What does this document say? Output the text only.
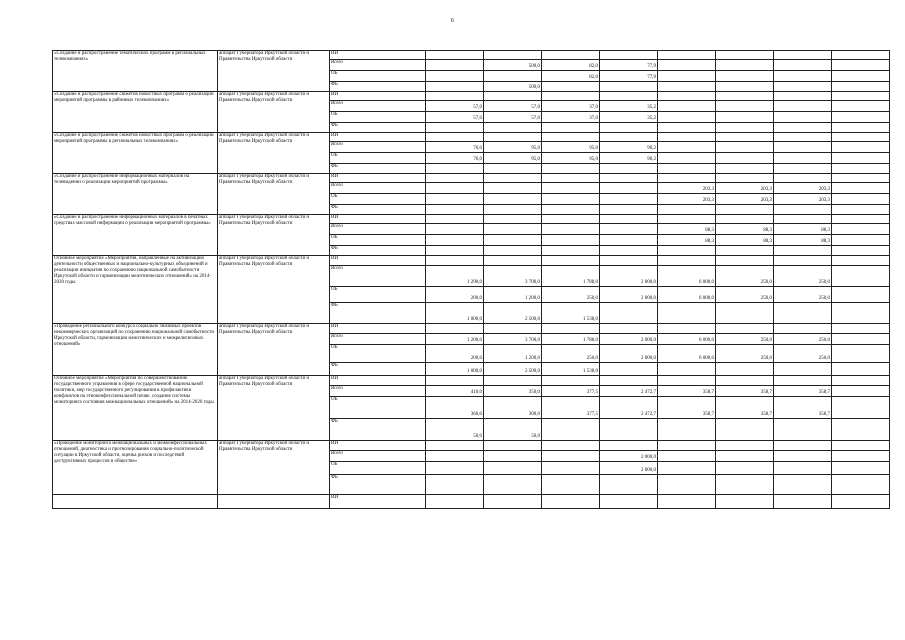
6
«Создание и распространение тематических программ в региональных телекомпаниях»	аппарат Губернатора Иркутской области и Правительства Иркутской области	ИИ								
		Всего		500,0	82,0	77,9				
		ОБ			82,0	77,9				
		ФБ		500,0						
«Создание и распространение сюжетов новостных программ о реализации мероприятий программы в районных телекомпаниях»	аппарат Губернатора Иркутской области и Правительства Иркутской области	ИИ								
		Всего	57,0	57,0	37,0	35,2				
		ОБ	57,0	57,0	37,0	35,2				
		ФБ								
«Создание и распространение сюжетов новостных программ о реализации мероприятий программы в региональных телекомпаниях»	аппарат Губернатора Иркутской области и Правительства Иркутской области	ИИ								
		Всего	76,0	95,0	95,0	90,2				
		ОБ	76,0	95,0	95,0	90,2				
		ФБ								
«Создание и распространение информационных материалов на телевидении о реализации мероприятий программы»	аппарат Губернатора Иркутской области и Правительства Иркутской области	ИИ								
		Всего					203,3	203,3	203,3	
		ОБ					203,3	203,3	203,3	
		ФБ								
«Создание и распространение информационных материалов в печатных средствах массовой информации о реализации мероприятий программы»	аппарат Губернатора Иркутской области и Правительства Иркутской области	ИИ								
		Всего					88,3	88,3	88,3	
		ОБ					88,3	88,3	88,3	
		ФБ								
Основное мероприятие «Мероприятия, направленные на активизацию деятельности общественных и национально-культурных объединений и реализации инициатив по сохранению национальной самобытности Иркутской области и гармонизации межэтнических отношений» на 2014-2020 годы	аппарат Губернатора Иркутской области и Правительства Иркутской области	ИИ								
		Всего	1 290,0	3 700,0	1 788,0	2 000,0	6 000,0	250,0	250,0	
		ОБ	200,0	1 200,0	250,0	2 000,0	6 000,0	250,0	250,0	
		ФБ	1 000,0	2 500,0	1 538,0					
«Проведение регионального конкурса социально значимых проектов некоммерческих организаций по сохранению национальной самобытности Иркутской области, гармонизации межэтнических и межрелигиозных отношений»	аппарат Губернатора Иркутской области и Правительства Иркутской области	ИИ								
		Всего	1 200,0	3 700,0	1 788,0	2 000,0	6 000,0	250,0	250,0	
		ОБ	200,0	1 200,0	250,0	2 000,0	6 000,0	250,0	250,0	
		ФБ	1 000,0	2 500,0	1 538,0					
Основное мероприятие «Мероприятия по совершенствованию государственного управления в сфере государственной национальной политики, мер государственного регулирования в профилактики конфликтов на этноконфессиональной почве, создание системы мониторинга состояния межнациональных отношений» на 2014-2020 годы	аппарат Губернатора Иркутской области и Правительства Иркутской области	ИИ								
		Всего	410,0	350,0	377,5	2 472,7	358,7	358,7	358,7	
		ОБ	360,0	300,0	377,5	2 472,7	358,7	358,7	358,7	
		ФБ	50,0	50,0						
«Проведение мониторинга межнациональных и межконфессиональных отношений, диагностика и прогнозирования социально-политической ситуации в Иркутской области, оценка рисков и последствий деструктивных процессов в обществе»	аппарат Губернатора Иркутской области и Правительства Иркутской области	ИИ								
		Всего				2 000,0				
		ОБ				2 000,0				
		ФБ								
		ИИ								
